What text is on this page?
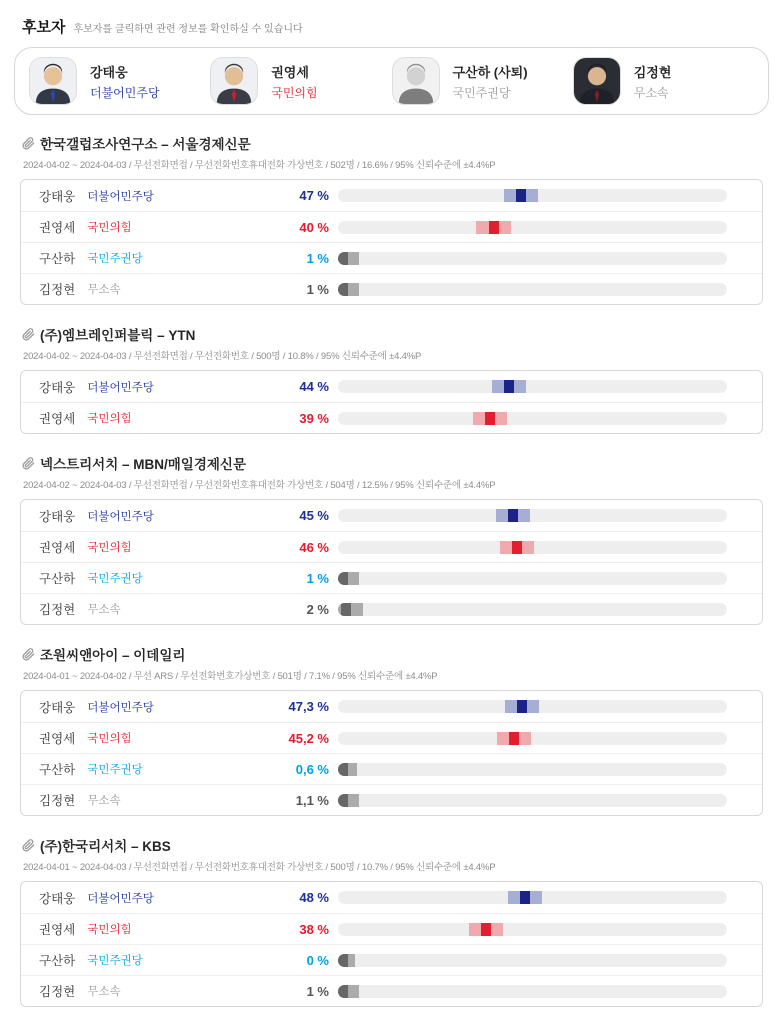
후보자 후보자를 클릭하면 관련 정보를 확인하실 수 있습니다
강태웅
더불어민주당
권영세
국민의힘
구산하 (사퇴)
국민주권당
김정현
무소속
한국갤럽조사연구소 – 서울경제신문
2024-04-02 ~ 2024-04-03 / 무선전화면접 / 무선전화번호휴대전화 가상번호 / 502명 / 16.6% / 95% 신뢰수준에 ±4.4%P
강태웅 더불어민주당	47 %
권영세 국민의힘	40 %
구산하 국민주권당	1 %
김정현 무소속	1 %
(주)엠브레인퍼블릭 – YTN
2024-04-02 ~ 2024-04-03 / 무선전화면접 / 무선전화번호 / 500명 / 10.8% / 95% 신뢰수준에 ±4.4%P
강태웅 더불어민주당	44 %
권영세 국민의힘	39 %
넥스트리서치 – MBN/매일경제신문
2024-04-02 ~ 2024-04-03 / 무선전화면접 / 무선전화번호휴대전화 가상번호 / 504명 / 12.5% / 95% 신뢰수준에 ±4.4%P
강태웅 더불어민주당	45 %
권영세 국민의힘	46 %
구산하 국민주권당	1 %
김정현 무소속	2 %
조원씨앤아이 – 이데일리
2024-04-01 ~ 2024-04-02 / 무선 ARS / 무선전화번호가상번호 / 501명 / 7.1% / 95% 신뢰수준에 ±4.4%P
강태웅 더불어민주당	47,3 %
권영세 국민의힘	45,2 %
구산하 국민주권당	0,6 %
김정현 무소속	1,1 %
(주)한국리서치 – KBS
2024-04-01 ~ 2024-04-03 / 무선전화면접 / 무선전화번호휴대전화 가상번호 / 500명 / 10.7% / 95% 신뢰수준에 ±4.4%P
강태웅 더불어민주당	48 %
권영세 국민의힘	38 %
구산하 국민주권당	0 %
김정현 무소속	1 %
